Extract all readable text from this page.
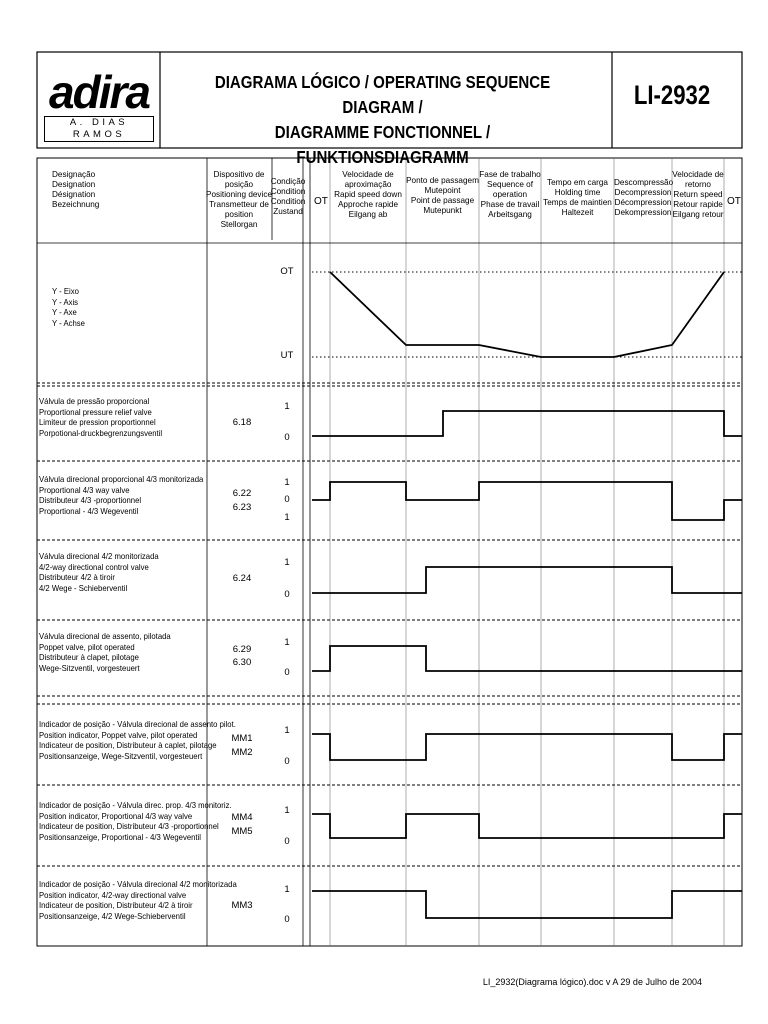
adira
A. DIAS RAMOS
DIAGRAMA LÓGICO / OPERATING SEQUENCE DIAGRAM /
DIAGRAMME FONCTIONNEL / FUNKTIONSDIAGRAMM
LI-2932
Designação
Designation
Désignation
Bezeichnung
Dispositivo de posição
Positioning device
Transmetteur de
position
Stellorgan
Condição
Condition
Condition
Zustand
OT	OT
Velocidade de
aproximação
Rapid speed down
Approche rapide
Eilgang ab
Ponto de passagem
Mutepoint
Point de passage
Mutepunkt
Fase de trabalho
Sequence of
operation
Phase de travail
Arbeitsgang
Tempo em carga
Holding time
Temps de maintien
Haltezeit
Descompressão
Decompression
Décompression
Dekompression
Velocidade de
retorno
Return speed
Retour rapide
Eilgang retour
Y - Eixo
Y - Axis
Y - Axe
Y - Achse
OT
UT
Válvula de pressão proporcional
Proportional pressure relief valve
Limiteur de pression proportionnel
Porpotional-druckbegrenzungsventil
6.18
1
0
Válvula direcional proporcional 4/3 monitorizada
Proportional 4/3 way valve
Distributeur 4/3 -proportionnel
Proportional - 4/3 Wegeventil
6.22
6.23
1
0
1
Válvula direcional 4/2 monitorizada
4/2-way directional control valve
Distributeur 4/2 à tiroir
4/2 Wege - Schieberventil
6.24
1
0
Válvula direcional de assento, pilotada
Poppet valve, pilot operated
Distributeur à clapet, pilotage
Wege-Sitzventil, vorgesteuert
6.29
6.30
1
0
Indicador de posição - Válvula direcional de assento pilot.
Position indicator, Poppet valve, pilot operated
Indicateur de position, Distributeur à caplet, pilotage
Positionsanzeige, Wege-Sitzventil, vorgesteuert
MM1
MM2
1
0
Indicador de posição - Válvula direc. prop. 4/3 monitoriz.
Position indicator, Proportional 4/3 way valve
Indicateur de position, Distributeur 4/3 -proportionnel
Positionsanzeige, Proportional - 4/3 Wegeventil
MM4
MM5
1
0
Indicador de posição - Válvula direcional 4/2 monitorizada
Position indicator, 4/2-way directional valve
Indicateur de position, Distributeur 4/2 à tiroir
Positionsanzeige, 4/2 Wege-Schieberventil
MM3
1
0
LI_2932(Diagrama lógico).doc v A 29 de Julho de 2004
